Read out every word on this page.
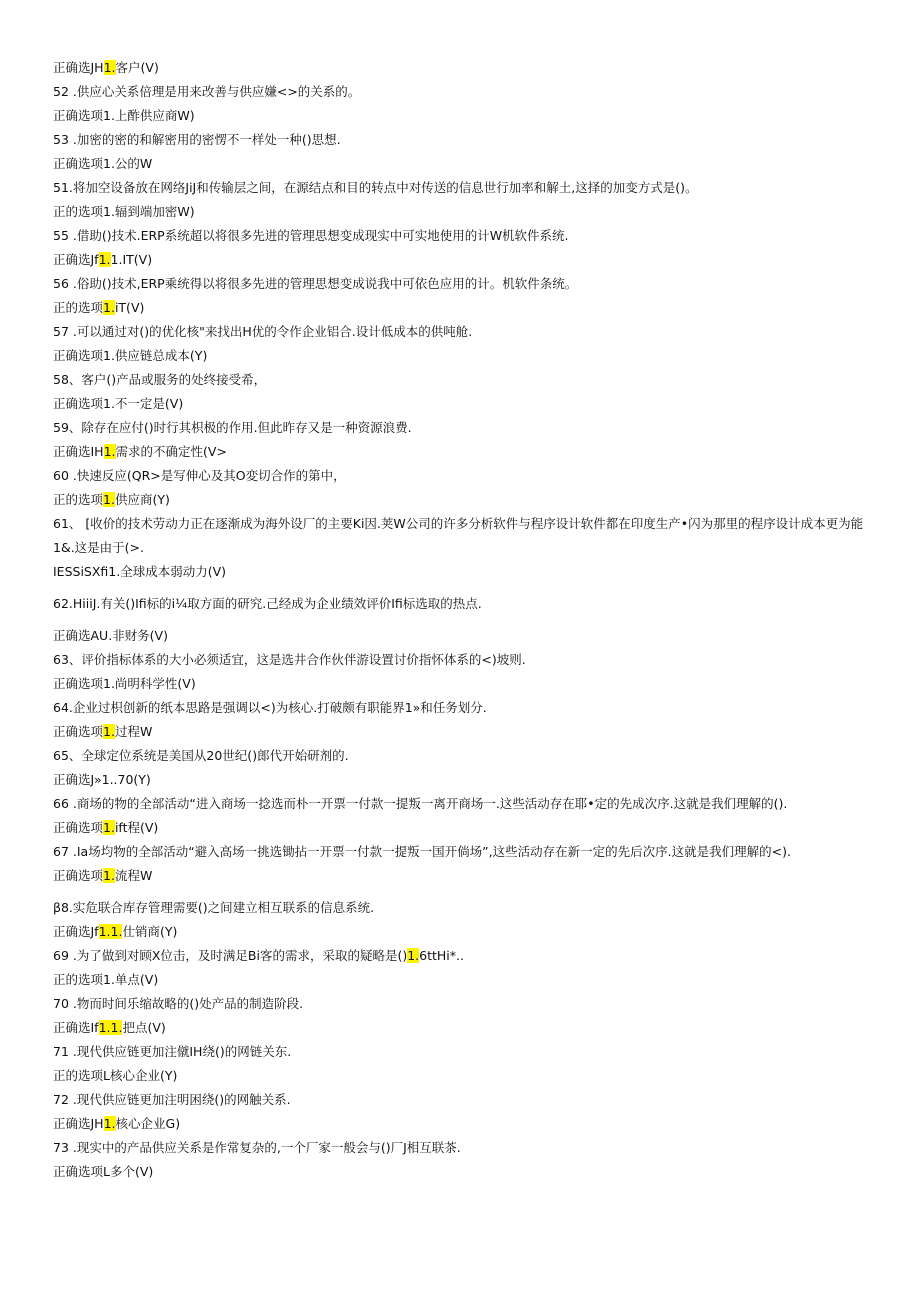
正确选JH1.客户(V)
52 .供应心关系倍理是用来改善与供应嫌<>的关系的。
正确选项1.上酢供应商W)
53 .加密的密的和解密用的密愣不一样处一种()思想.
正确选项1.公的W
51.将加空设备放在网络JiJ和传输层之间，在源结点和目的转点中对传送的信息世行加率和解土,这择的加变方式是()。
正的选项1.辐到端加密W)
55 .借助()技术.ERP系统超以将很多先进的管理思想变成现实中可实地使用的计W机软件系统.
正确选Jf1.1.IT(V)
56 .俗助()技术,ERP乘统得以将很多先进的管理思想变成说我中可依色应用的计。机软件条统。
正的选项1.iT(V)
57 .可以通过对()的优化核"来找出H优的令作企业铝合.设计低成本的供吨舱.
正确选项1.供应链总成本(Y)
58、客户()产品或服务的处终接受希，
正确选项1.不一定是(V)
59、除存在应付()时行其枳极的作用.但此昨存又是一种资源浪费.
正确选IH1.需求的不确定性(V>
60 .快速反应(QR>是写伸心及其O変切合作的第中，
正的选项1.供应商(Y)
61、 [收价的技术劳动力正在逐渐成为海外设厂的主要Ki因.荚W公司的许多分析软件与程序设计软件都在印度生产•闪为那里的程序设计成本更为能1&.这是由于(>.
IESSiSXfi1.全球成本弱动力(V)
62.HiiiJ.有关()Ifi标的i¼取方面的研究.己经成为企业绩效评价Ifi标选取的热点.
正确选AU.非财务(V)
63、评价指标体系的大小必须适宜，这是选井合作伙伴游设置讨价指怀体系的<)坡则.
正确选项1.尚明科学性(V)
64.企业过枳创新的纸本思路是强调以<)为核心.打破颇有职能界1»和任务划分.
正确选项1.过程W
65、全球定位系统是美国从20世纪()郎代开始研剂的.
正确选J»1..70(Y)
66 .商场的物的全部活动“进入商场一捻选而朴一开票一付款一提叛一离开商场一.这些活动存在耶•定的先成次序.这就是我们理解的().
正确选项1.ift程(V)
67 .Ia场均物的全部活动“避入高场一挑选锄拈一开票一付款一提叛一国开倘场”,这些活动存在新一定的先后次序.这就是我们理解的<).
正确选项1.流程W
β8.实危联合库存管理需要()之间建立相互联系的信息系统.
正确选Jf1.1.仕销商(Y)
69 .为了做到对顾X位击，及时满足Bi客的需求，采取的疑略是()1.6ttHi*..
正的选项1.单点(V)
70 .物而时间乐缩故略的()处产品的制造阶段.
正确选If1.1.把点(V)
71 .现代供应链更加注僦IH绕()的网链关东.
正的选项L核心企业(Y)
72 .现代供应链更加注明困绕()的网触关系.
正确选JH1.核心企业G)
73 .现实中的产品供应关系是作常复杂的,一个厂家一般会与()厂J相互联茶.
正确选项L多个(V)
